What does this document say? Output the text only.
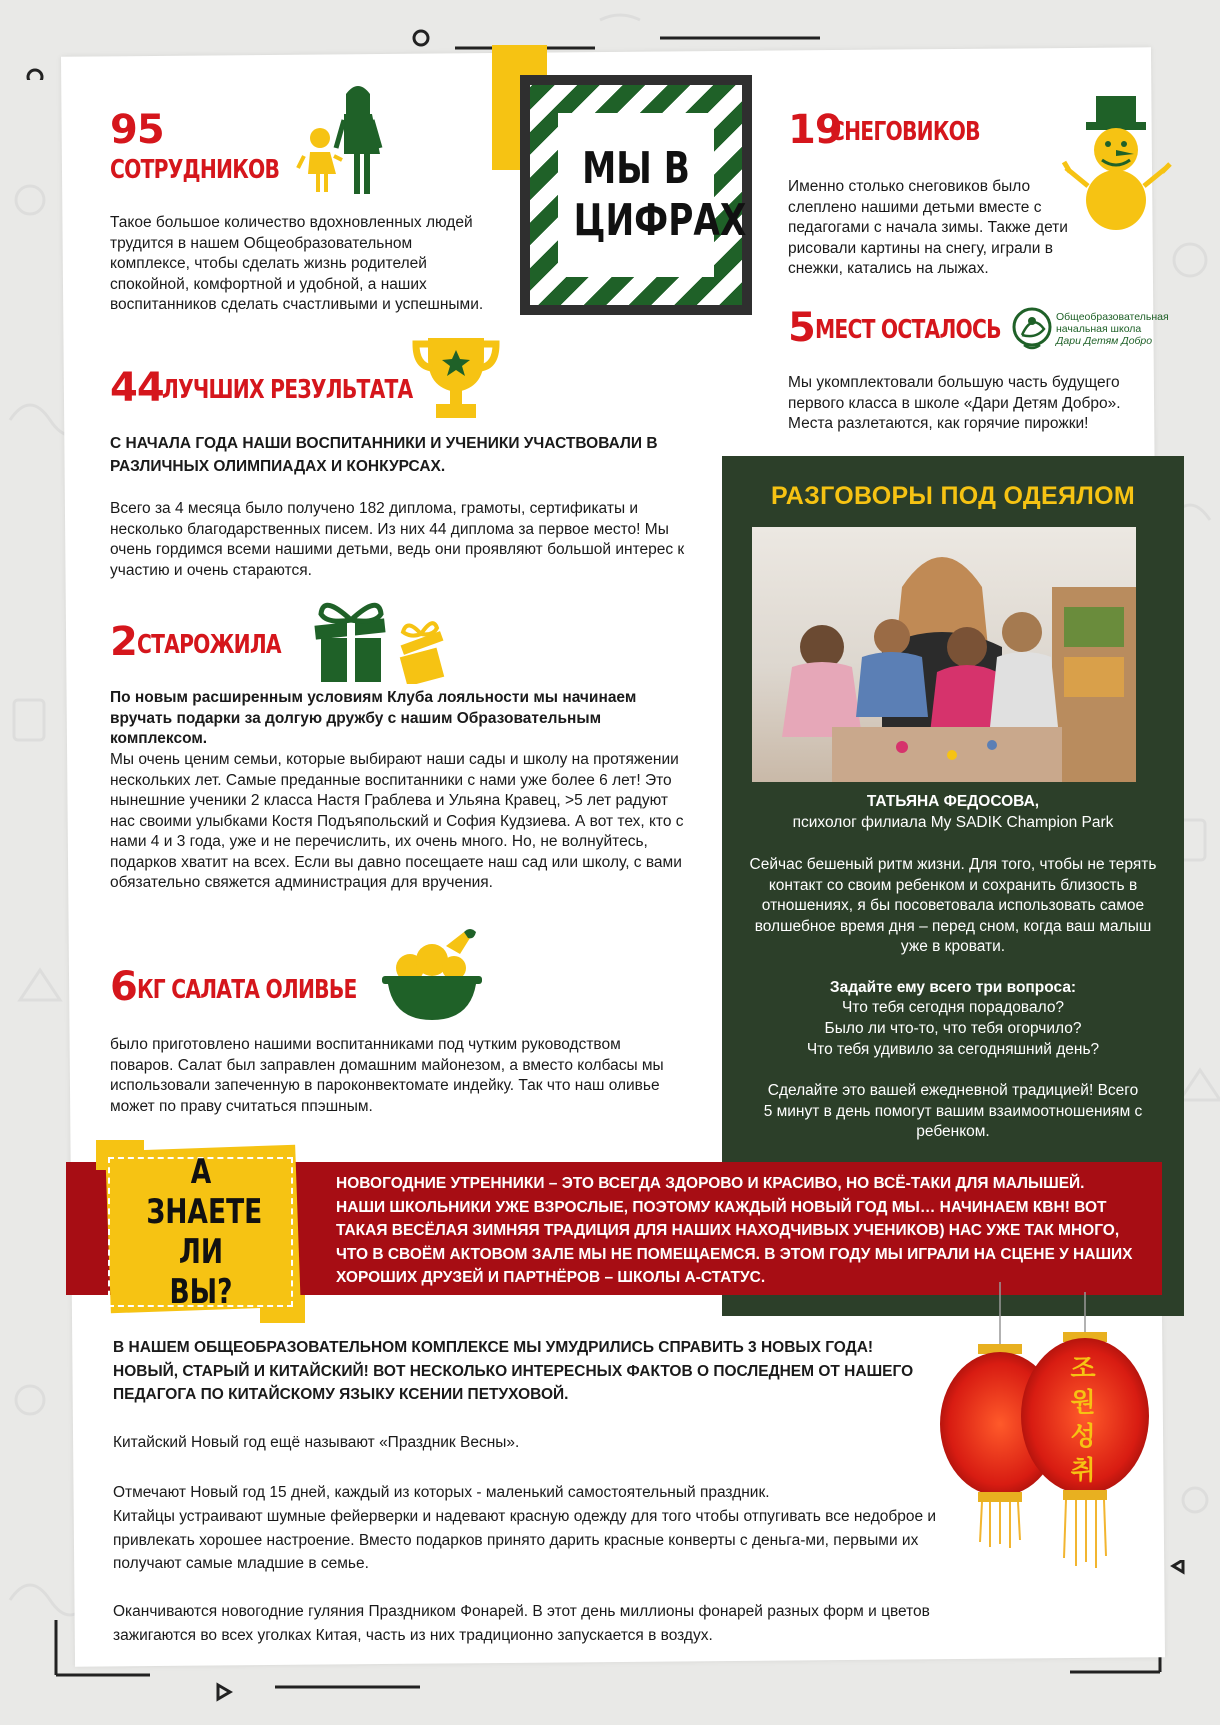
МЫ В ЦИФРАХ
95
СОТРУДНИКОВ
Такое большое количество вдохновленных людей трудится в нашем Общеобразовательном комплексе, чтобы сделать жизнь родителей спокойной, комфортной и удобной, а наших воспитанников сделать счастливыми и успешными.
44
ЛУЧШИХ РЕЗУЛЬТАТА
С НАЧАЛА ГОДА НАШИ ВОСПИТАННИКИ И УЧЕНИКИ УЧАСТВОВАЛИ В РАЗЛИЧНЫХ ОЛИМПИАДАХ И КОНКУРСАХ.
Всего за 4 месяца было получено 182 диплома, грамоты, сертификаты и несколько благодарственных писем. Из них 44 диплома за первое место! Мы очень гордимся всеми нашими детьми, ведь они проявляют большой интерес к участию и очень стараются.
2 СТАРОЖИЛА
По новым расширенным условиям Клуба лояльности мы начинаем вручать подарки за долгую дружбу с нашим Образовательным комплексом.
Мы очень ценим семьи, которые выбирают наши сады и школу на протяжении нескольких лет. Самые преданные воспитанники с нами уже более 6 лет! Это нынешние ученики 2 класса Настя Граблева и Ульяна Кравец, >5 лет радуют нас своими улыбками Костя Подъяпольский и София Кудзиева. А вот тех, кто с нами 4 и 3 года, уже и не перечислить, их очень много. Но, не волнуйтесь, подарков хватит на всех. Если вы давно посещаете наш сад или школу, с вами обязательно свяжется администрация для вручения.
6 КГ САЛАТА ОЛИВЬЕ
было приготовлено нашими воспитанниками под чутким руководством поваров. Салат был заправлен домашним майонезом, а вместо колбасы мы использовали запеченную в пароконвектомате индейку. Так что наш оливье может по праву считаться ппэшным.
19
СНЕГОВИКОВ
Именно столько снеговиков было слеплено нашими детьми вместе с педагогами с начала зимы. Также дети рисовали картины на снегу, играли в снежки, катались на лыжах.
5 МЕСТ ОСТАЛОСЬ	Общеобразовательная
начальная школа
Дари Детям Добро
Мы укомплектовали большую часть будущего первого класса в школе «Дари Детям Добро». Места разлетаются, как горячие пирожки!
РАЗГОВОРЫ ПОД ОДЕЯЛОМ
ТАТЬЯНА ФЕДОСОВА,
психолог филиала My SADIK Champion Park
Сейчас бешеный ритм жизни. Для того, чтобы не терять контакт со своим ребенком и сохранить близость в отношениях, я бы посоветовала использовать самое волшебное время дня – перед сном, когда ваш малыш уже в кровати.
Задайте ему всего три вопроса:
Что тебя сегодня порадовало?
Было ли что-то, что тебя огорчило?
Что тебя удивило за сегодняшний день?
Сделайте это вашей ежедневной традицией! Всего 5 минут в день помогут вашим взаимоотношениям с ребенком.
А ЗНАЕТЕ ЛИ ВЫ?
НОВОГОДНИЕ УТРЕННИКИ – ЭТО ВСЕГДА ЗДОРОВО И КРАСИВО, НО ВСЁ-ТАКИ ДЛЯ МАЛЫШЕЙ. НАШИ ШКОЛЬНИКИ УЖЕ ВЗРОСЛЫЕ, ПОЭТОМУ КАЖДЫЙ НОВЫЙ ГОД МЫ… НАЧИНАЕМ КВН! ВОТ ТАКАЯ ВЕСЁЛАЯ ЗИМНЯЯ ТРАДИЦИЯ ДЛЯ НАШИХ НАХОДЧИВЫХ УЧЕНИКОВ) НАС УЖЕ ТАК МНОГО, ЧТО В СВОЁМ АКТОВОМ ЗАЛЕ МЫ НЕ ПОМЕЩАЕМСЯ. В ЭТОМ ГОДУ МЫ ИГРАЛИ НА СЦЕНЕ У НАШИХ ХОРОШИХ ДРУЗЕЙ И ПАРТНЁРОВ – ШКОЛЫ А-СТАТУС.
В НАШЕМ ОБЩЕОБРАЗОВАТЕЛЬНОМ КОМПЛЕКСЕ МЫ УМУДРИЛИСЬ СПРАВИТЬ 3 НОВЫХ ГОДА! НОВЫЙ, СТАРЫЙ И КИТАЙСКИЙ! ВОТ НЕСКОЛЬКО ИНТЕРЕСНЫХ ФАКТОВ О ПОСЛЕДНЕМ ОТ НАШЕГО ПЕДАГОГА ПО КИТАЙСКОМУ ЯЗЫКУ КСЕНИИ ПЕТУХОВОЙ.
Китайский Новый год ещё называют «Праздник Весны».
Отмечают Новый год 15 дней, каждый из которых - маленький самостоятельный праздник.
Китайцы устраивают шумные фейерверки и надевают красную одежду для того чтобы отпугивать все недоброе и привлекать хорошее настроение. Вместо подарков принято дарить красные конверты с деньга-ми, первыми их получают самые младшие в семье.
Оканчиваются новогодние гуляния Праздником Фонарей. В этот день миллионы фонарей разных форм и цветов зажигаются во всех уголках Китая, часть из них традиционно запускается в воздух.
조원성취
